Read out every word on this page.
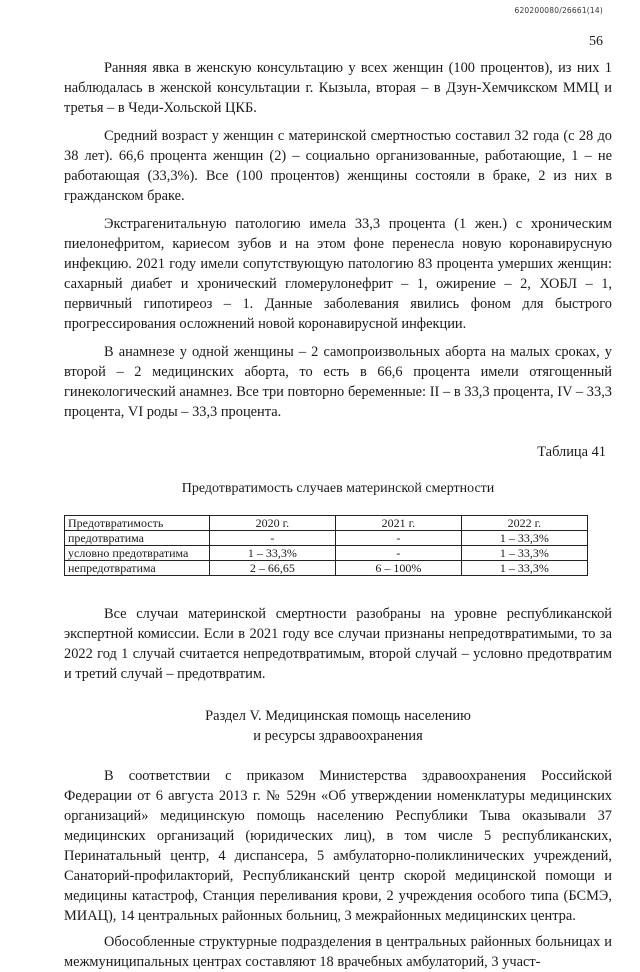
620200080/26661(14)
56

Ранняя явка в женскую консультацию у всех женщин (100 процентов), из них 1 наблюдалась в женской консультации г. Кызыла, вторая – в Дзун-Хемчикском ММЦ и третья – в Чеди-Хольской ЦКБ.

Средний возраст у женщин с материнской смертностью составил 32 года (с 28 до 38 лет). 66,6 процента женщин (2) – социально организованные, работающие, 1 – не работающая (33,3%). Все (100 процентов) женщины состояли в браке, 2 из них в гражданском браке.

Экстрагенитальную патологию имела 33,3 процента (1 жен.) с хроническим пиелонефритом, кариесом зубов и на этом фоне перенесла новую коронавирусную инфекцию. 2021 году имели сопутствующую патологию 83 процента умерших женщин: сахарный диабет и хронический гломерулонефрит – 1, ожирение – 2, ХОБЛ – 1, первичный гипотиреоз – 1. Данные заболевания явились фоном для быстрого прогрессирования осложнений новой коронавирусной инфекции.

В анамнезе у одной женщины – 2 самопроизвольных аборта на малых сроках, у второй – 2 медицинских аборта, то есть в 66,6 процента имели отягощенный гинекологический анамнез. Все три повторно беременные: II – в 33,3 процента, IV – 33,3 процента, VI роды – 33,3 процента.

Таблица 41
Предотвратимость случаев материнской смертности
Предотвратимость	2020 г.	2021 г.	2022 г.
предотвратима	-	-	1 – 33,3%
условно предотвратима	1 – 33,3%	-	1 – 33,3%
непредотвратима	2 – 66,65	6 – 100%	1 – 33,3%

Все случаи материнской смертности разобраны на уровне республиканской экспертной комиссии. Если в 2021 году все случаи признаны непредотвратимыми, то за 2022 год 1 случай считается непредотвратимым, второй случай – условно предотвратим и третий случай – предотвратим.

Раздел V. Медицинская помощь населению
и ресурсы здравоохранения

В соответствии с приказом Министерства здравоохранения Российской Федерации от 6 августа 2013 г. № 529н «Об утверждении номенклатуры медицинских организаций» медицинскую помощь населению Республики Тыва оказывали 37 медицинских организаций (юридических лиц), в том числе 5 республиканских, Перинатальный центр, 4 диспансера, 5 амбулаторно-поликлинических учреждений, Санаторий-профилакторий, Республиканский центр скорой медицинской помощи и медицины катастроф, Станция переливания крови, 2 учреждения особого типа (БСМЭ, МИАЦ), 14 центральных районных больниц, 3 межрайонных медицинских центра.

Обособленные структурные подразделения в центральных районных больницах и межмуниципальных центрах составляют 18 врачебных амбулаторий, 3 участ-
